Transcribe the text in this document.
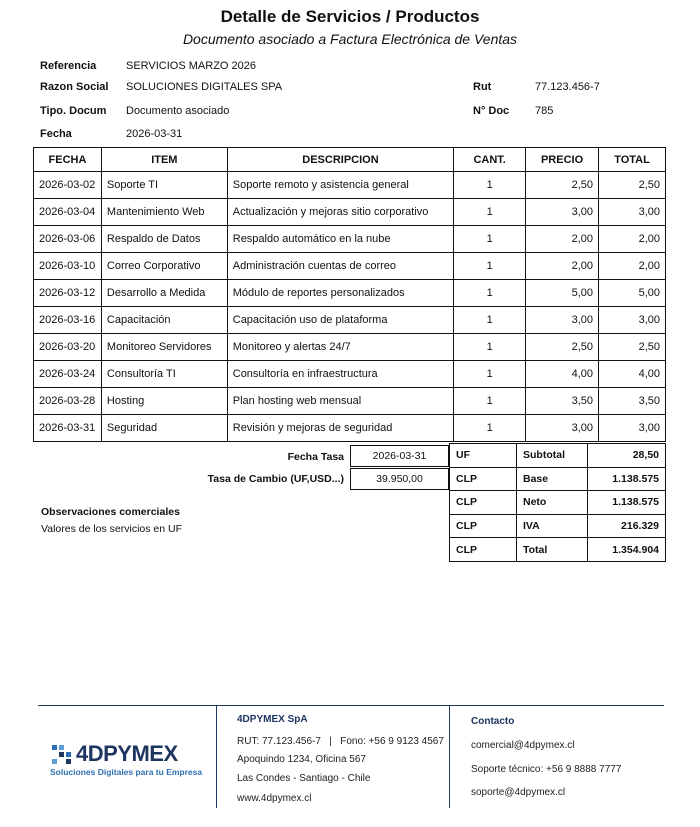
Detalle de Servicios / Productos
Documento asociado a Factura Electrónica de Ventas
Referencia	SERVICIOS MARZO 2026
Razon Social SOLUCIONES DIGITALES SPA	Rut	77.123.456-7
Tipo. Docum Documento asociado	N° Doc 785
Fecha	2026-03-31
FECHA	ITEM	DESCRIPCION	CANT.	PRECIO	TOTAL
2026-03-02	Soporte TI	Soporte remoto y asistencia general	1	2,50	2,50
2026-03-04	Mantenimiento Web	Actualización y mejoras sitio corporativo	1	3,00	3,00
2026-03-06	Respaldo de Datos	Respaldo automático en la nube	1	2,00	2,00
2026-03-10	Correo Corporativo	Administración cuentas de correo	1	2,00	2,00
2026-03-12	Desarrollo a Medida	Módulo de reportes personalizados	1	5,00	5,00
2026-03-16	Capacitación	Capacitación uso de plataforma	1	3,00	3,00
2026-03-20	Monitoreo Servidores	Monitoreo y alertas 24/7	1	2,50	2,50
2026-03-24	Consultoría TI	Consultoría en infraestructura	1	4,00	4,00
2026-03-28	Hosting	Plan hosting web mensual	1	3,50	3,50
2026-03-31	Seguridad	Revisión y mejoras de seguridad	1	3,00	3,00
Fecha Tasa	2026-03-31
Tasa de Cambio (UF,USD...)	39.950,00
UF	Subtotal	28,50
CLP	Base	1.138.575
CLP	Neto	1.138.575
CLP	IVA	216.329
CLP	Total	1.354.904
Observaciones comerciales
Valores de los servicios en UF
4DPYMEX
Soluciones Digitales para tu Empresa
4DPYMEX SpA
RUT: 77.123.456-7   |   Fono: +56 9 9123 4567
Apoquindo 1234, Oficina 567
Las Condes - Santiago - Chile
www.4dpymex.cl
Contacto
comercial@4dpymex.cl
Soporte técnico: +56 9 8888 7777
soporte@4dpymex.cl
